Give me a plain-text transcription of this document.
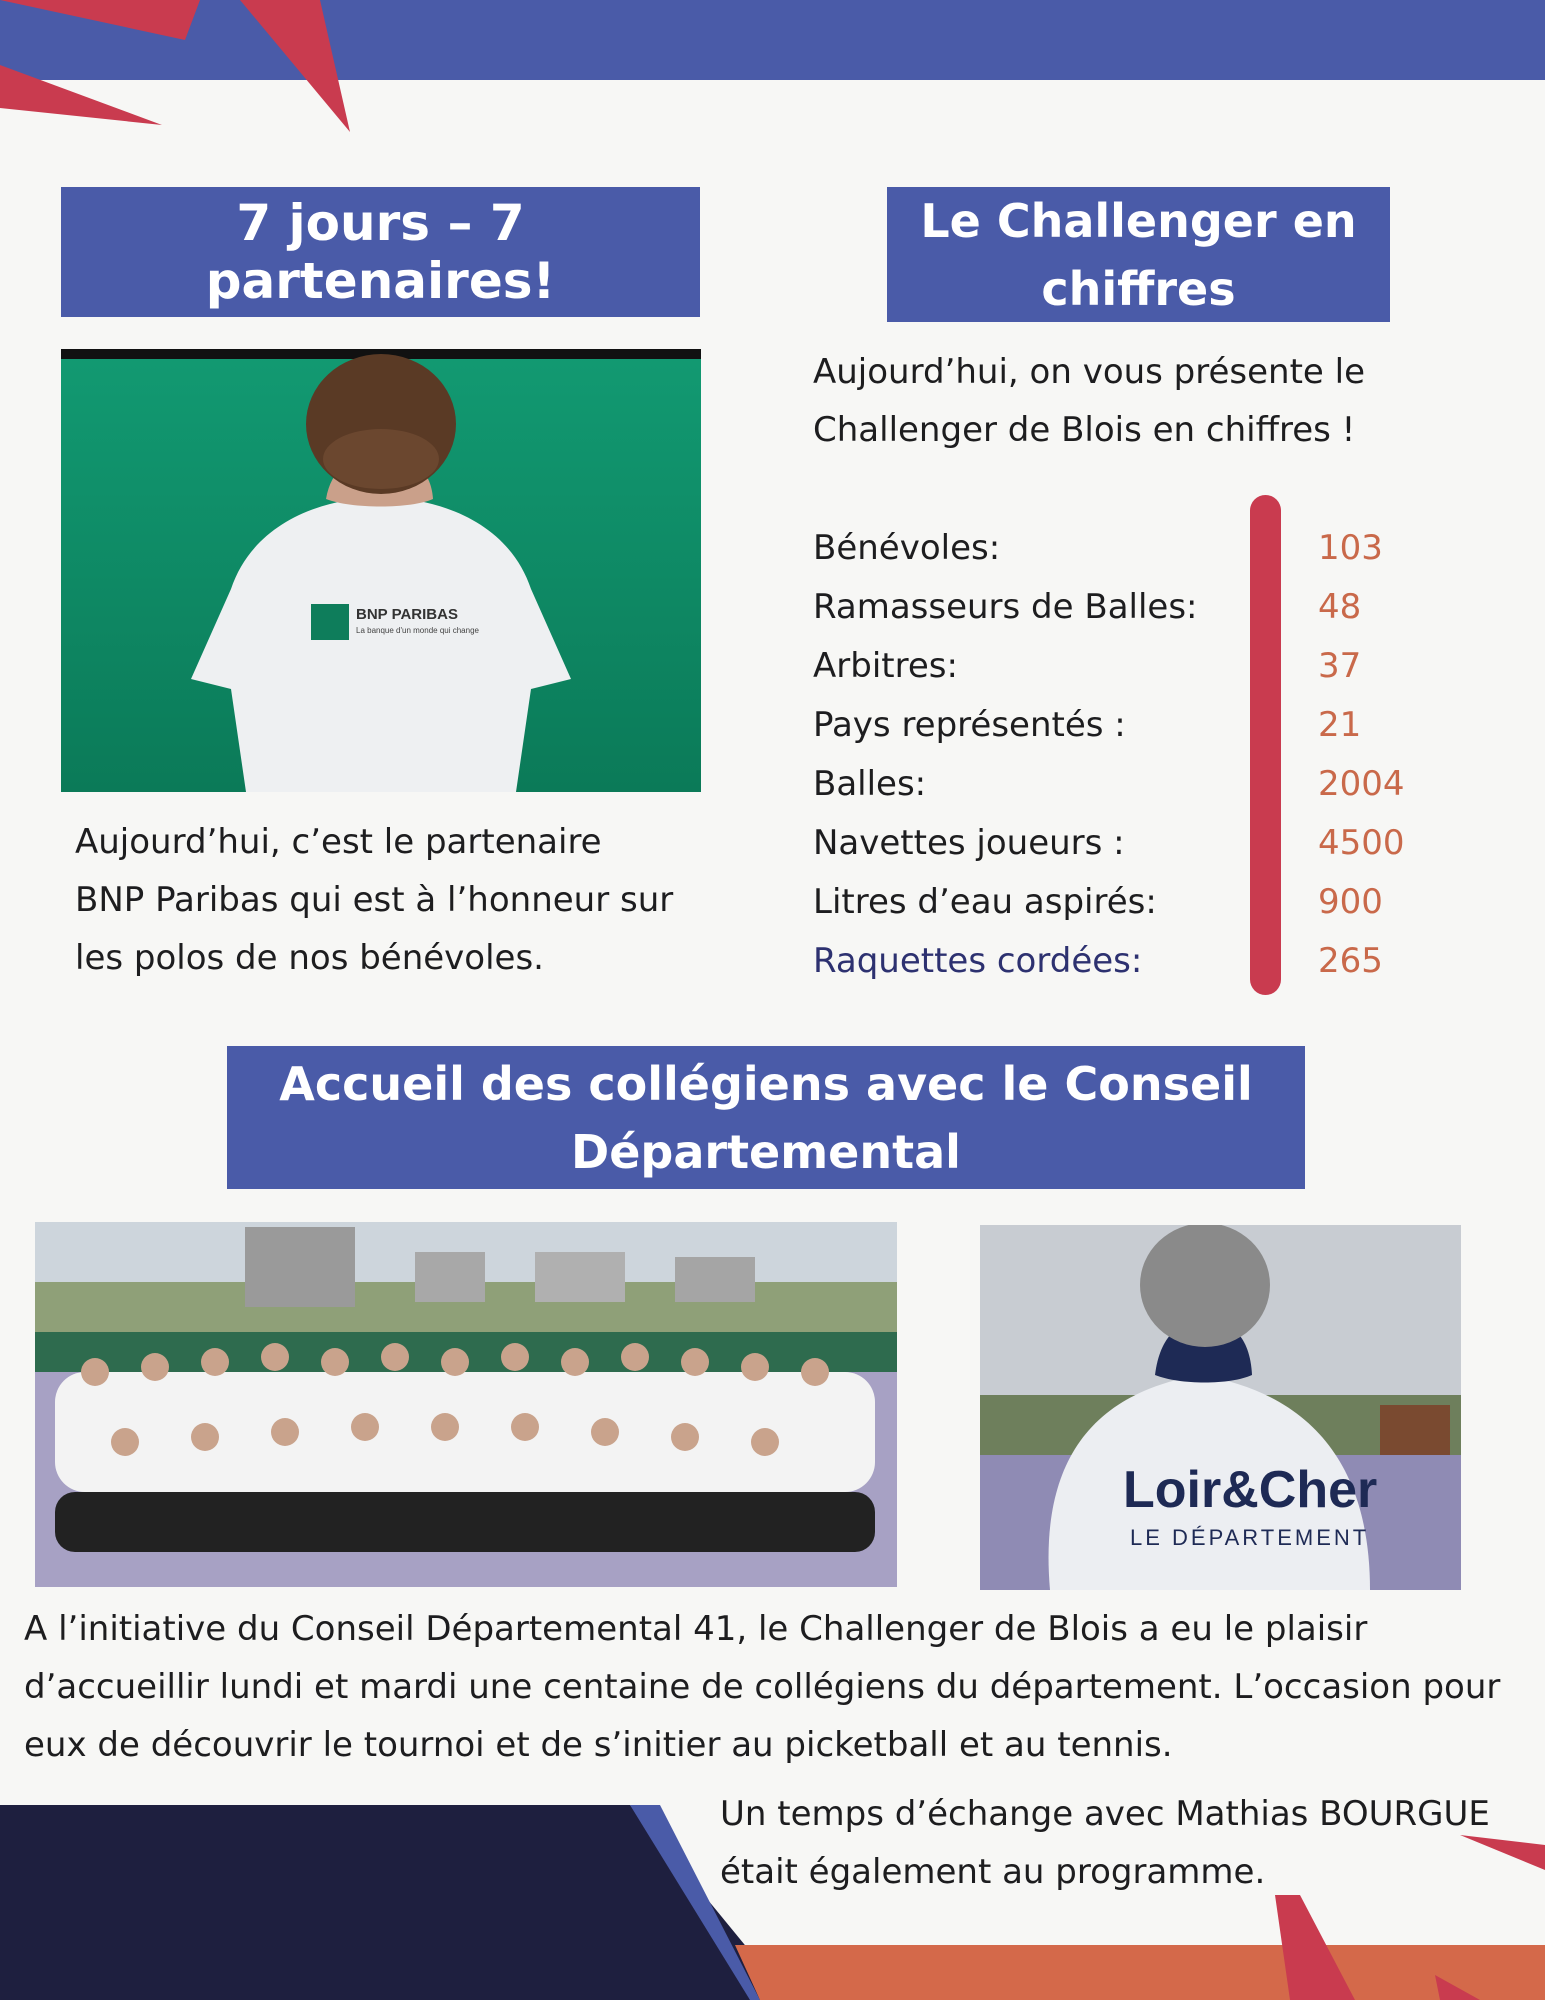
7 jours – 7 partenaires!
BNP PARIBAS
La banque d'un monde qui change
Aujourd’hui, c’est le partenaire BNP Paribas qui est à l’honneur sur les polos de nos bénévoles.
Le Challenger en
chiffres
Aujourd’hui, on vous présente le Challenger de Blois en chiffres !
Bénévoles:	103
Ramasseurs de Balles:	48
Arbitres:	37
Pays représentés :	21
Balles:	2004
Navettes joueurs :	4500
Litres d’eau aspirés:	900
Raquettes cordées:	265
Accueil des collégiens avec le Conseil
Départemental
Loir&Cher
LE DÉPARTEMENT
A l’initiative du Conseil Départemental 41, le Challenger de Blois a eu le plaisir d’accueillir lundi et mardi une centaine de collégiens du département. L’occasion pour eux de découvrir le tournoi et de s’initier au picketball et au tennis.
Un temps d’échange avec Mathias BOURGUE était également au programme.
